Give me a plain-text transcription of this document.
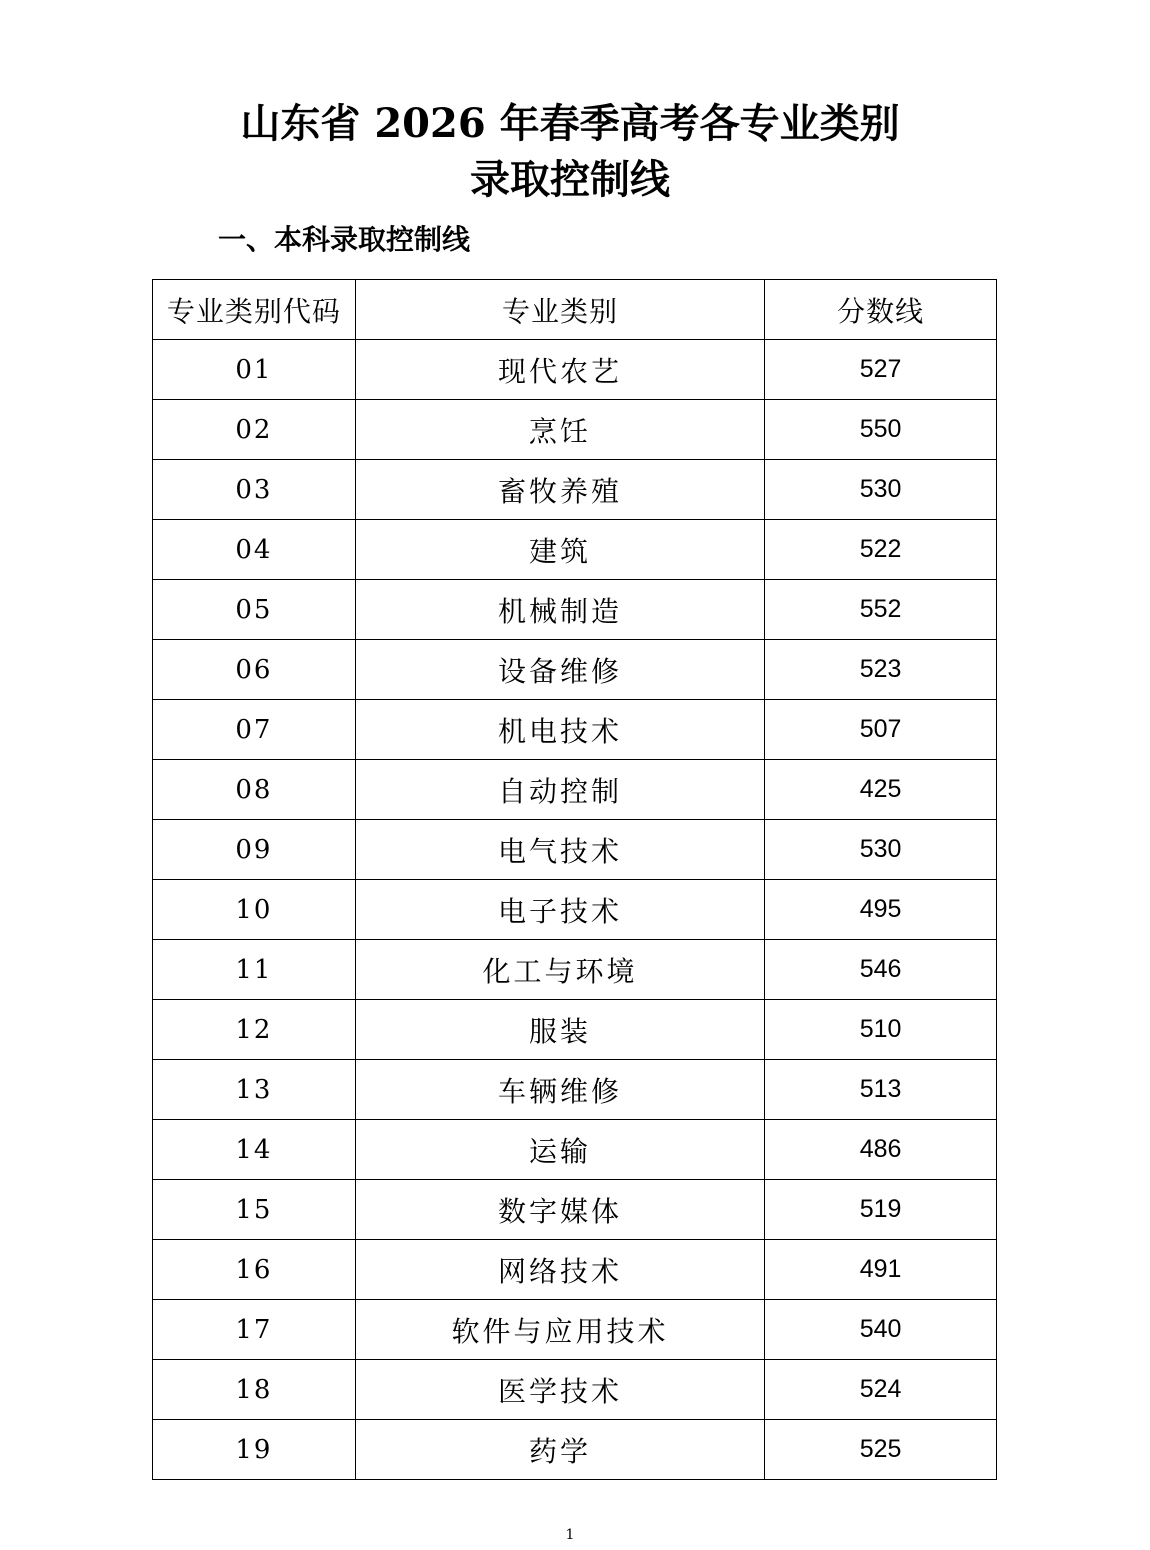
山东省 2026 年春季高考各专业类别
录取控制线
一、本科录取控制线
专业类别代码	专业类别	分数线
01	现代农艺	527
02	烹饪	550
03	畜牧养殖	530
04	建筑	522
05	机械制造	552
06	设备维修	523
07	机电技术	507
08	自动控制	425
09	电气技术	530
10	电子技术	495
11	化工与环境	546
12	服装	510
13	车辆维修	513
14	运输	486
15	数字媒体	519
16	网络技术	491
17	软件与应用技术	540
18	医学技术	524
19	药学	525
1
